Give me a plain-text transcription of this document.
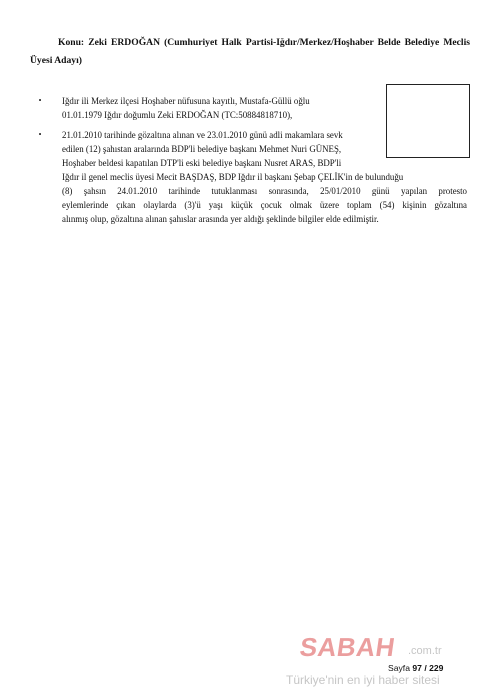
Konu: Zeki ERDOĞAN (Cumhuriyet Halk Partisi-Iğdır/Merkez/Hoşhaber Belde Belediye Meclis Üyesi Adayı)
• Iğdır ili Merkez ilçesi Hoşhaber nüfusuna kayıtlı, Mustafa-Güllü oğlu
01.01.1979 Iğdır doğumlu Zeki ERDOĞAN (TC:50884818710),
• 21.01.2010 tarihinde gözaltına alınan ve 23.01.2010 günü adli makamlara sevk
edilen (12) şahıstan aralarında BDP'li belediye başkanı Mehmet Nuri GÜNEŞ,
Hoşhaber beldesi kapatılan DTP'li eski belediye başkanı Nusret ARAS, BDP'li
Iğdır il genel meclis üyesi Mecit BAŞDAŞ, BDP Iğdır il başkanı Şebap ÇELİK'in de bulunduğu
(8) şahsın 24.01.2010 tarihinde tutuklanması sonrasında, 25/01/2010 günü yapılan protesto
eylemlerinde çıkan olaylarda (3)'ü yaşı küçük çocuk olmak üzere toplam (54) kişinin gözaltına
alınmış olup, gözaltına alınan şahıslar arasında yer aldığı şeklinde bilgiler elde edilmiştir.
SABAH .com.tr
Türkiye'nin en iyi haber sitesi
Sayfa 97 / 229
